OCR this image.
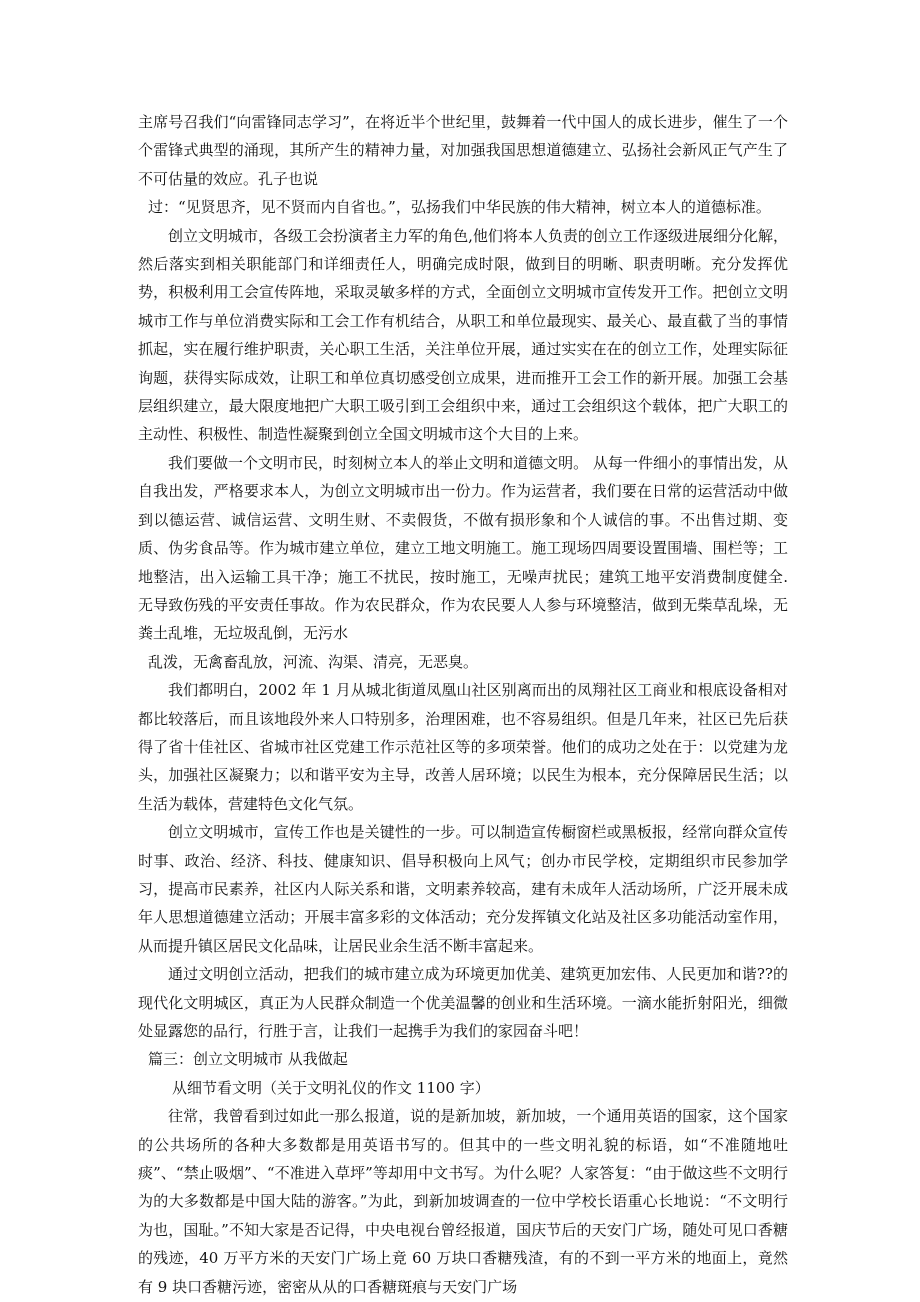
主席号召我们“向雷锋同志学习”，在将近半个世纪里，鼓舞着一代中国人的成长进步，催生了一个个雷锋式典型的涌现，其所产生的精神力量，对加强我国思想道德建立、弘扬社会新风正气产生了不可估量的效应。孔子也说

过：“见贤思齐，见不贤而内自省也。”，弘扬我们中华民族的伟大精神，树立本人的道德标准。

创立文明城市，各级工会扮演者主力军的角色,他们将本人负责的创立工作逐级进展细分化解，然后落实到相关职能部门和详细责任人，明确完成时限，做到目的明晰、职责明晰。充分发挥优势，积极利用工会宣传阵地，采取灵敏多样的方式，全面创立文明城市宣传发开工作。把创立文明城市工作与单位消费实际和工会工作有机结合，从职工和单位最现实、最关心、最直截了当的事情抓起，实在履行维护职责，关心职工生活，关注单位开展，通过实实在在的创立工作，处理实际征询题，获得实际成效，让职工和单位真切感受创立成果，进而推开工会工作的新开展。加强工会基层组织建立，最大限度地把广大职工吸引到工会组织中来，通过工会组织这个载体，把广大职工的主动性、积极性、制造性凝聚到创立全国文明城市这个大目的上来。

我们要做一个文明市民，时刻树立本人的举止文明和道德文明。 从每一件细小的事情出发，从自我出发，严格要求本人，为创立文明城市出一份力。作为运营者，我们要在日常的运营活动中做到以德运营、诚信运营、文明生财、不卖假货，不做有损形象和个人诚信的事。不出售过期、变质、伪劣食品等。作为城市建立单位，建立工地文明施工。施工现场四周要设置围墙、围栏等；工地整洁，出入运输工具干净；施工不扰民，按时施工，无噪声扰民；建筑工地平安消费制度健全. 无导致伤残的平安责任事故。作为农民群众，作为农民要人人参与环境整洁，做到无柴草乱垛，无粪土乱堆，无垃圾乱倒，无污水

乱泼，无禽畜乱放，河流、沟渠、清亮，无恶臭。

我们都明白，2002 年 1 月从城北街道凤凰山社区别离而出的凤翔社区工商业和根底设备相对都比较落后，而且该地段外来人口特别多，治理困难，也不容易组织。但是几年来，社区已先后获得了省十佳社区、省城市社区党建工作示范社区等的多项荣誉。他们的成功之处在于：以党建为龙头，加强社区凝聚力；以和谐平安为主导，改善人居环境；以民生为根本，充分保障居民生活；以生活为载体，营建特色文化气氛。

创立文明城市，宣传工作也是关键性的一步。可以制造宣传橱窗栏或黑板报，经常向群众宣传时事、政治、经济、科技、健康知识、倡导积极向上风气；创办市民学校，定期组织市民参加学习，提高市民素养，社区内人际关系和谐，文明素养较高，建有未成年人活动场所，广泛开展未成年人思想道德建立活动；开展丰富多彩的文体活动；充分发挥镇文化站及社区多功能活动室作用，从而提升镇区居民文化品味，让居民业余生活不断丰富起来。

通过文明创立活动，把我们的城市建立成为环境更加优美、建筑更加宏伟、人民更加和谐??的现代化文明城区，真正为人民群众制造一个优美温馨的创业和生活环境。一滴水能折射阳光，细微处显露您的品行，行胜于言，让我们一起携手为我们的家园奋斗吧！

篇三：创立文明城市 从我做起

从细节看文明（关于文明礼仪的作文 1100 字）

往常，我曾看到过如此一那么报道，说的是新加坡，新加坡，一个通用英语的国家，这个国家的公共场所的各种大多数都是用英语书写的。但其中的一些文明礼貌的标语，如“不准随地吐痰”、“禁止吸烟”、“不准进入草坪”等却用中文书写。为什么呢？人家答复：“由于做这些不文明行为的大多数都是中国大陆的游客。”为此，到新加坡调查的一位中学校长语重心长地说：“不文明行为也，国耻。”不知大家是否记得，中央电视台曾经报道，国庆节后的天安门广场，随处可见口香糖的残迹，40 万平方米的天安门广场上竟 60 万块口香糖残渣，有的不到一平方米的地面上，竟然有 9 块口香糖污迹，密密从从的口香糖斑痕与天安门广场
